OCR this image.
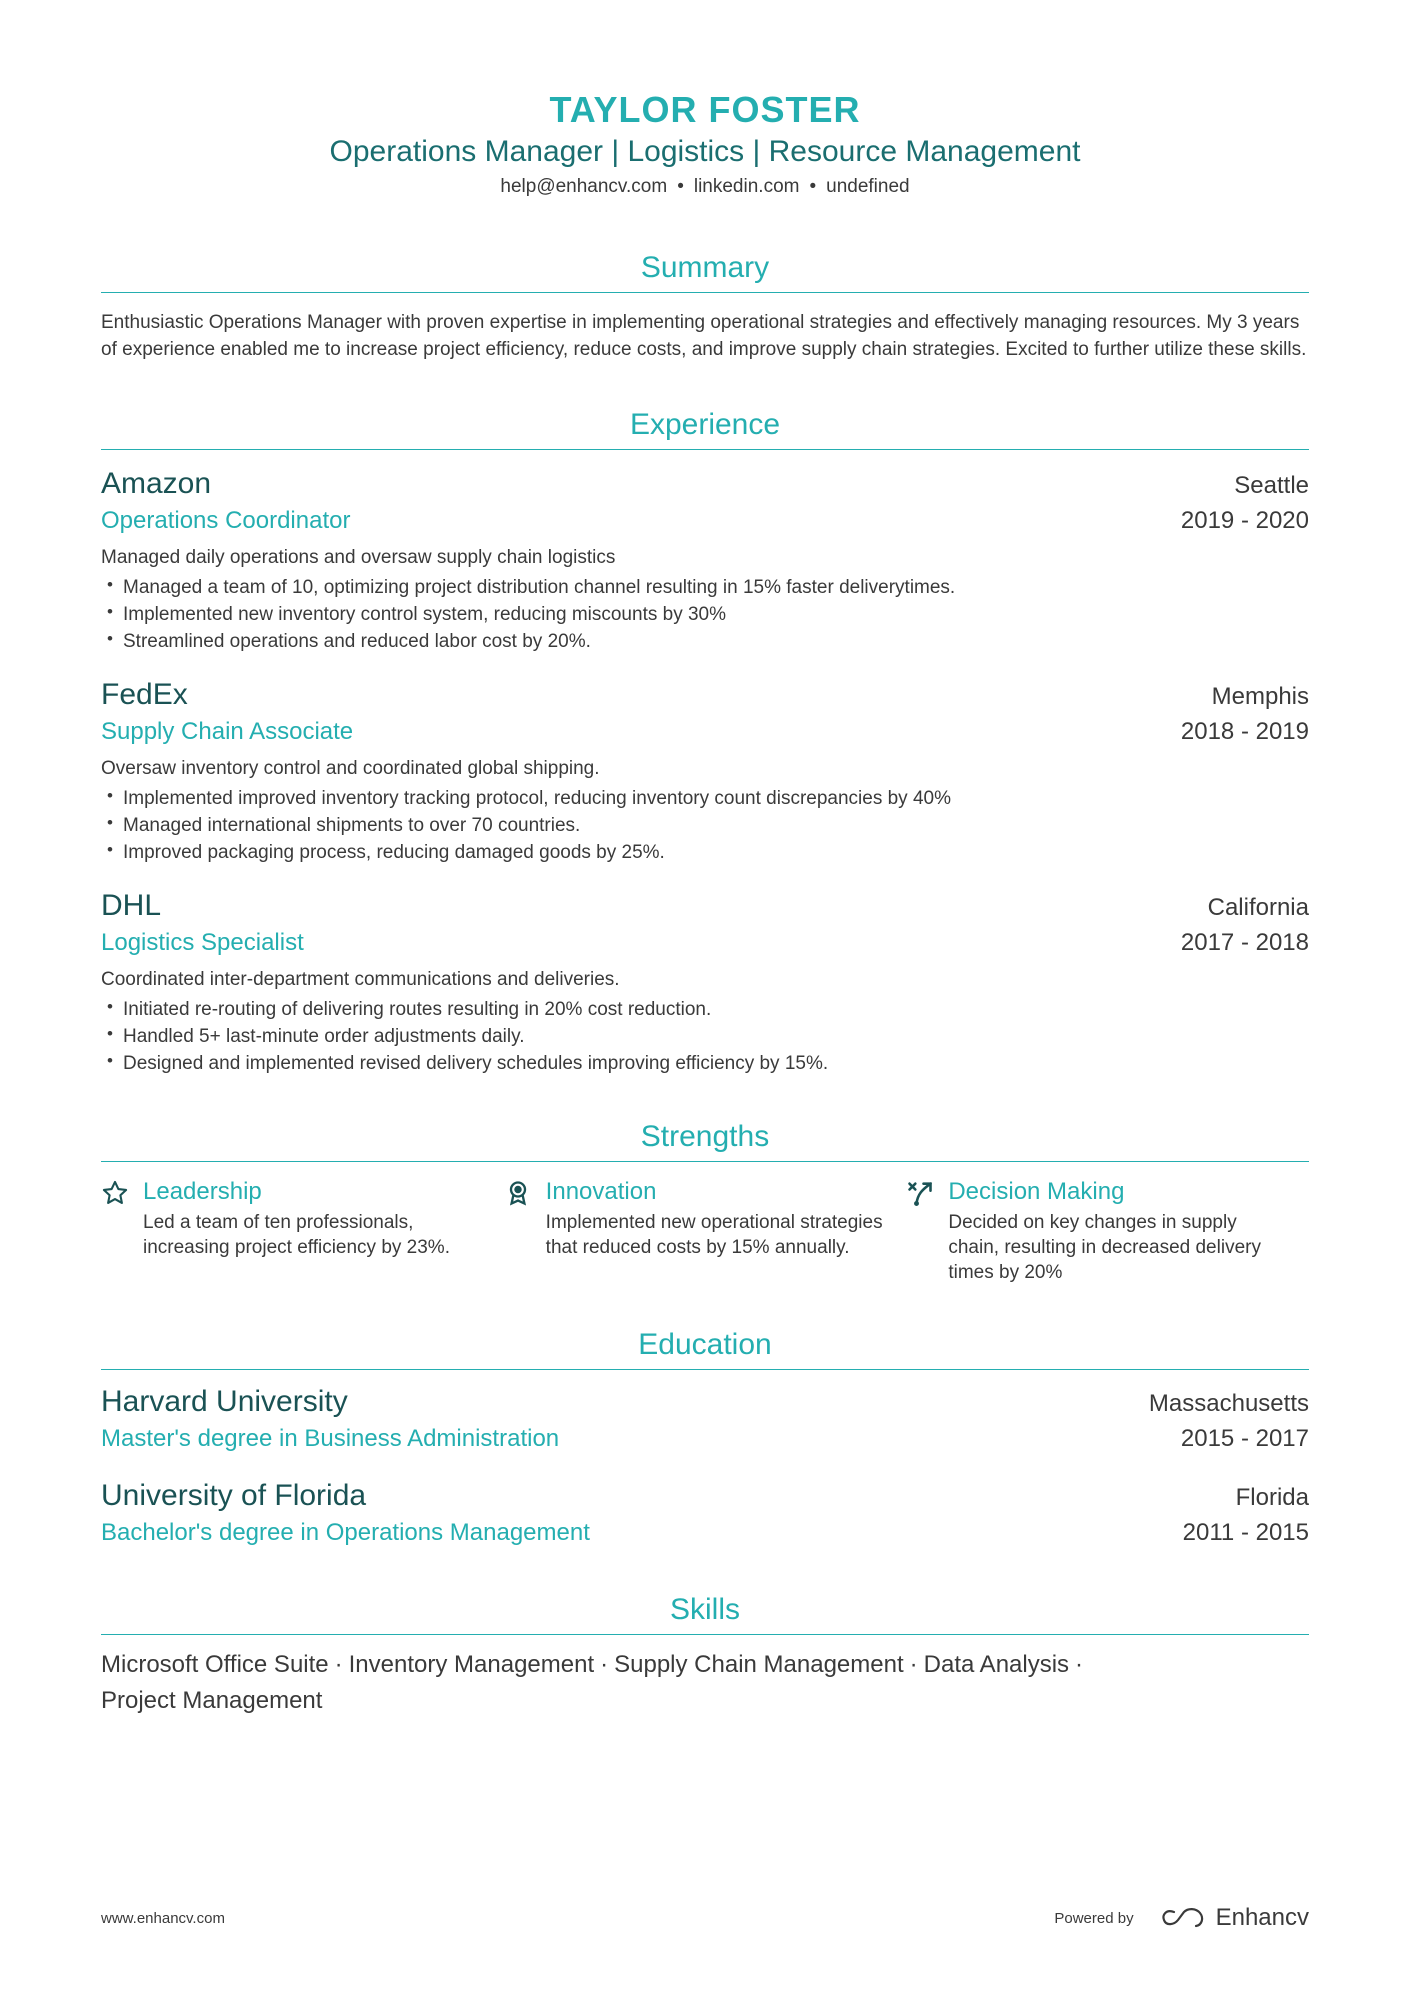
TAYLOR FOSTER
Operations Manager | Logistics | Resource Management
help@enhancv.com • linkedin.com • undefined
Summary
Enthusiastic Operations Manager with proven expertise in implementing operational strategies and effectively managing resources. My 3 years of experience enabled me to increase project efficiency, reduce costs, and improve supply chain strategies. Excited to further utilize these skills.
Experience
Amazon	Seattle
Operations Coordinator	2019 - 2020
Managed daily operations and oversaw supply chain logistics
• Managed a team of 10, optimizing project distribution channel resulting in 15% faster deliverytimes.
• Implemented new inventory control system, reducing miscounts by 30%
• Streamlined operations and reduced labor cost by 20%.
FedEx	Memphis
Supply Chain Associate	2018 - 2019
Oversaw inventory control and coordinated global shipping.
• Implemented improved inventory tracking protocol, reducing inventory count discrepancies by 40%
• Managed international shipments to over 70 countries.
• Improved packaging process, reducing damaged goods by 25%.
DHL	California
Logistics Specialist	2017 - 2018
Coordinated inter-department communications and deliveries.
• Initiated re-routing of delivering routes resulting in 20% cost reduction.
• Handled 5+ last-minute order adjustments daily.
• Designed and implemented revised delivery schedules improving efficiency by 15%.
Strengths
Leadership
Led a team of ten professionals, increasing project efficiency by 23%.
Innovation
Implemented new operational strategies that reduced costs by 15% annually.
Decision Making
Decided on key changes in supply chain, resulting in decreased delivery times by 20%
Education
Harvard University	Massachusetts
Master's degree in Business Administration	2015 - 2017
University of Florida	Florida
Bachelor's degree in Operations Management	2011 - 2015
Skills
Microsoft Office Suite · Inventory Management · Supply Chain Management · Data Analysis ·
Project Management
www.enhancv.com	Powered by	Enhancv
